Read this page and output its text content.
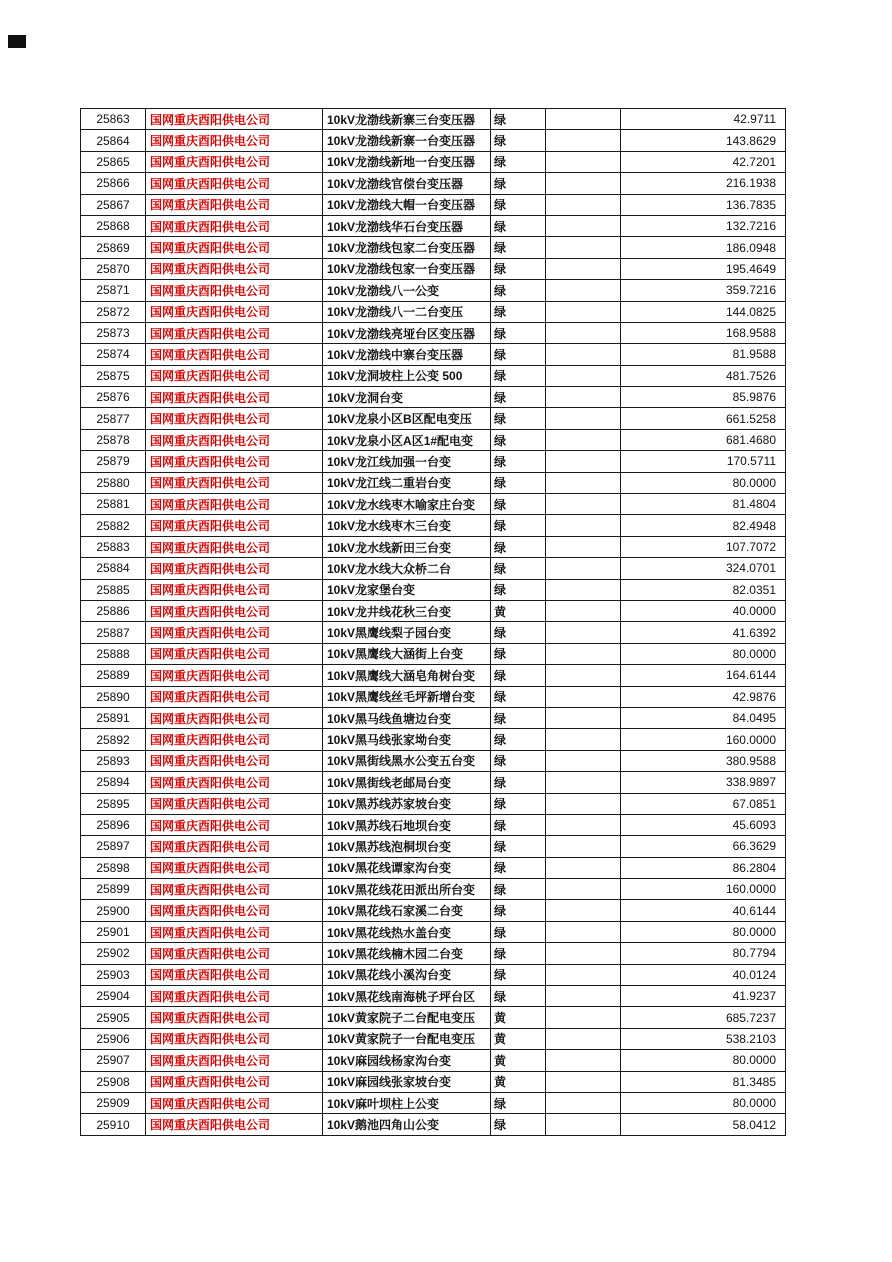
25863	国网重庆酉阳供电公司	10kV龙渤线新寨三台变压器	绿		42.9711
25864	国网重庆酉阳供电公司	10kV龙渤线新寨一台变压器	绿		143.8629
25865	国网重庆酉阳供电公司	10kV龙渤线新地一台变压器	绿		42.7201
25866	国网重庆酉阳供电公司	10kV龙渤线官偿台变压器	绿		216.1938
25867	国网重庆酉阳供电公司	10kV龙渤线大帽一台变压器	绿		136.7835
25868	国网重庆酉阳供电公司	10kV龙渤线华石台变压器	绿		132.7216
25869	国网重庆酉阳供电公司	10kV龙渤线包家二台变压器	绿		186.0948
25870	国网重庆酉阳供电公司	10kV龙渤线包家一台变压器	绿		195.4649
25871	国网重庆酉阳供电公司	10kV龙渤线八一公变	绿		359.7216
25872	国网重庆酉阳供电公司	10kV龙渤线八一二台变压	绿		144.0825
25873	国网重庆酉阳供电公司	10kV龙渤线亮垭台区变压器	绿		168.9588
25874	国网重庆酉阳供电公司	10kV龙渤线中寨台变压器	绿		81.9588
25875	国网重庆酉阳供电公司	10kV龙洞坡柱上公变 500	绿		481.7526
25876	国网重庆酉阳供电公司	10kV龙洞台变	绿		85.9876
25877	国网重庆酉阳供电公司	10kV龙泉小区B区配电变压	绿		661.5258
25878	国网重庆酉阳供电公司	10kV龙泉小区A区1#配电变	绿		681.4680
25879	国网重庆酉阳供电公司	10kV龙江线加强一台变	绿		170.5711
25880	国网重庆酉阳供电公司	10kV龙江线二重岩台变	绿		80.0000
25881	国网重庆酉阳供电公司	10kV龙水线枣木喻家庄台变	绿		81.4804
25882	国网重庆酉阳供电公司	10kV龙水线枣木三台变	绿		82.4948
25883	国网重庆酉阳供电公司	10kV龙水线新田三台变	绿		107.7072
25884	国网重庆酉阳供电公司	10kV龙水线大众桥二台	绿		324.0701
25885	国网重庆酉阳供电公司	10kV龙家堡台变	绿		82.0351
25886	国网重庆酉阳供电公司	10kV龙井线花秋三台变	黄		40.0000
25887	国网重庆酉阳供电公司	10kV黑鹰线梨子园台变	绿		41.6392
25888	国网重庆酉阳供电公司	10kV黑鹰线大涵街上台变	绿		80.0000
25889	国网重庆酉阳供电公司	10kV黑鹰线大涵皂角树台变	绿		164.6144
25890	国网重庆酉阳供电公司	10kV黑鹰线丝毛坪新增台变	绿		42.9876
25891	国网重庆酉阳供电公司	10kV黑马线鱼塘边台变	绿		84.0495
25892	国网重庆酉阳供电公司	10kV黑马线张家坳台变	绿		160.0000
25893	国网重庆酉阳供电公司	10kV黑街线黑水公变五台变	绿		380.9588
25894	国网重庆酉阳供电公司	10kV黑街线老邮局台变	绿		338.9897
25895	国网重庆酉阳供电公司	10kV黑苏线苏家坡台变	绿		67.0851
25896	国网重庆酉阳供电公司	10kV黑苏线石地坝台变	绿		45.6093
25897	国网重庆酉阳供电公司	10kV黑苏线泡桐坝台变	绿		66.3629
25898	国网重庆酉阳供电公司	10kV黑花线谭家沟台变	绿		86.2804
25899	国网重庆酉阳供电公司	10kV黑花线花田派出所台变	绿		160.0000
25900	国网重庆酉阳供电公司	10kV黑花线石家溪二台变	绿		40.6144
25901	国网重庆酉阳供电公司	10kV黑花线热水盖台变	绿		80.0000
25902	国网重庆酉阳供电公司	10kV黑花线楠木园二台变	绿		80.7794
25903	国网重庆酉阳供电公司	10kV黑花线小溪沟台变	绿		40.0124
25904	国网重庆酉阳供电公司	10kV黑花线南海桃子坪台区	绿		41.9237
25905	国网重庆酉阳供电公司	10kV黄家院子二台配电变压	黄		685.7237
25906	国网重庆酉阳供电公司	10kV黄家院子一台配电变压	黄		538.2103
25907	国网重庆酉阳供电公司	10kV麻园线杨家沟台变	黄		80.0000
25908	国网重庆酉阳供电公司	10kV麻园线张家坡台变	黄		81.3485
25909	国网重庆酉阳供电公司	10kV麻叶坝柱上公变	绿		80.0000
25910	国网重庆酉阳供电公司	10kV鹅池四角山公变	绿		58.0412
